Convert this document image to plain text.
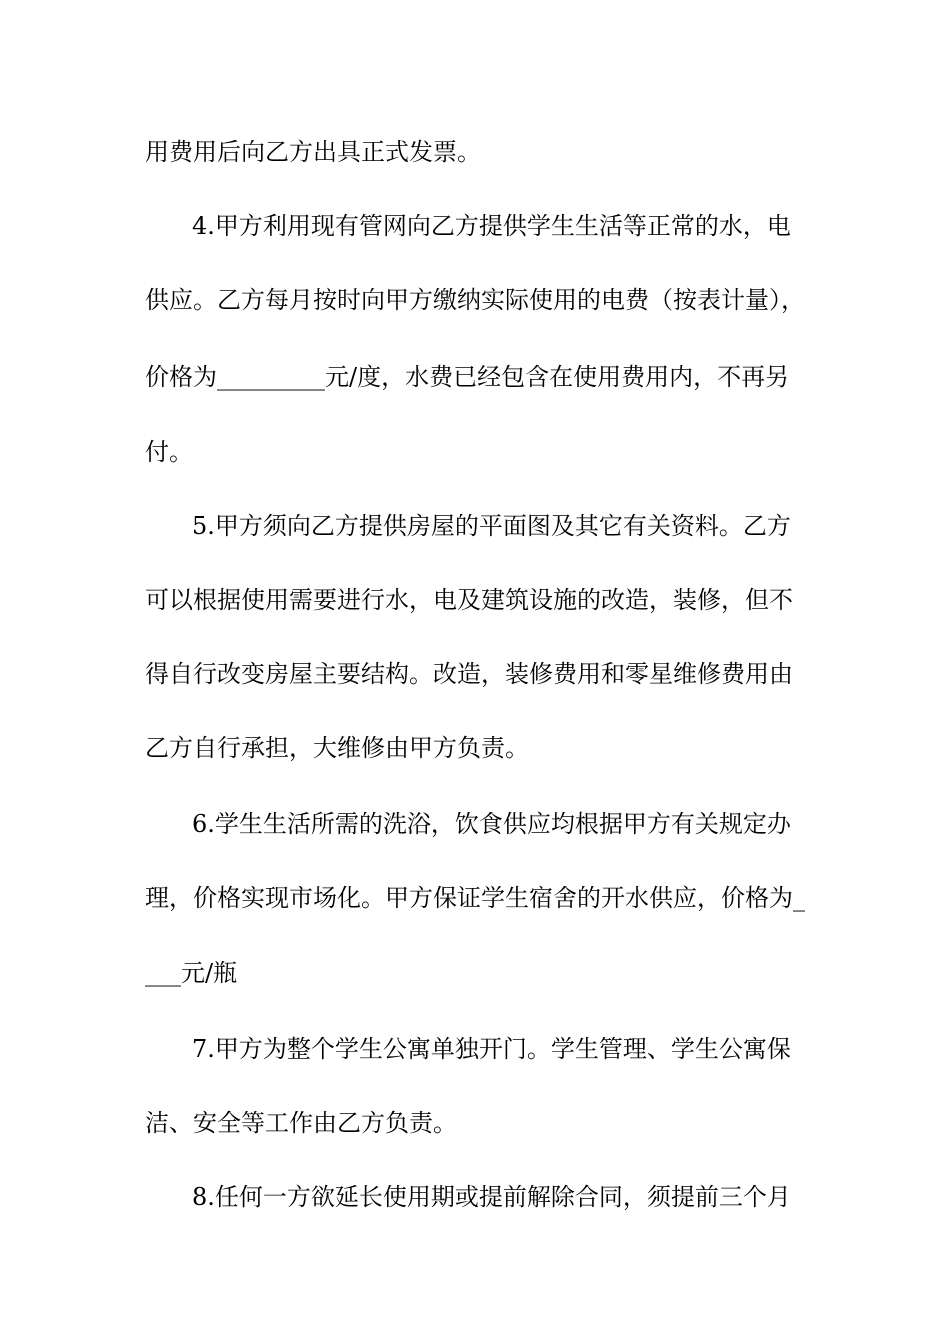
用费用后向乙方出具正式发票。
4.甲方利用现有管网向乙方提供学生生活等正常的水，电
供应。乙方每月按时向甲方缴纳实际使用的电费（按表计量），
价格为_________元/度，水费已经包含在使用费用内，不再另
付。
5.甲方须向乙方提供房屋的平面图及其它有关资料。乙方
可以根据使用需要进行水，电及建筑设施的改造，装修，但不
得自行改变房屋主要结构。改造，装修费用和零星维修费用由
乙方自行承担，大维修由甲方负责。
6.学生生活所需的洗浴，饮食供应均根据甲方有关规定办
理，价格实现市场化。甲方保证学生宿舍的开水供应，价格为_
___元/瓶
7.甲方为整个学生公寓单独开门。学生管理、学生公寓保
洁、安全等工作由乙方负责。
8.任何一方欲延长使用期或提前解除合同，须提前三个月
